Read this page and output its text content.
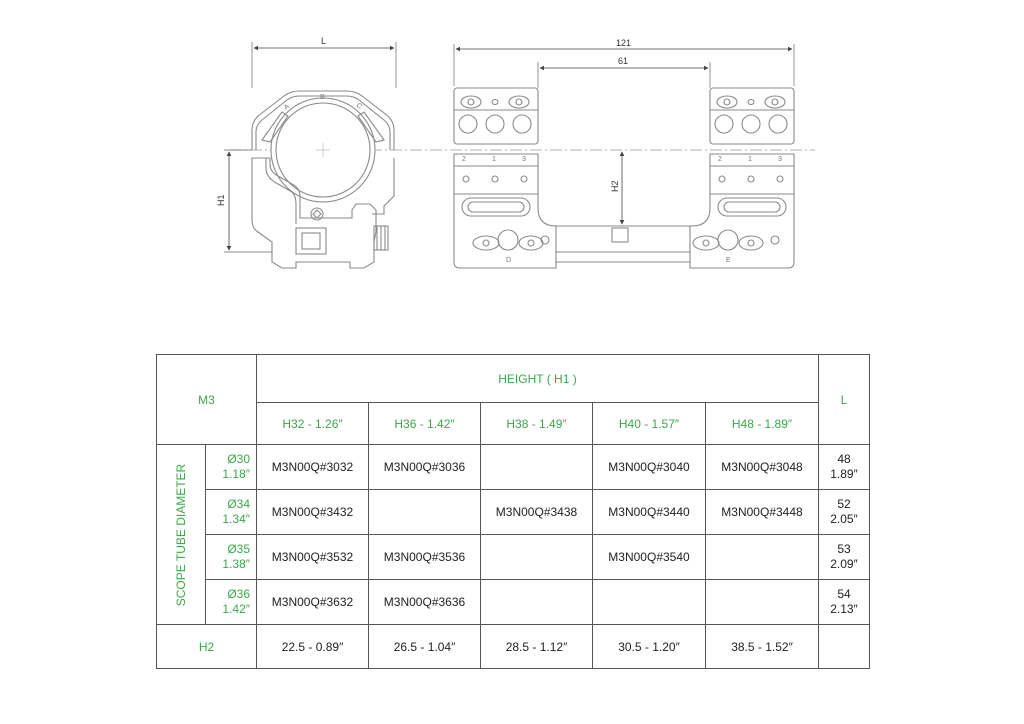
A
B
C
L
H1
2	1	3	2	1	3
D	E
121
61
H2
M3		HEIGHT ( H1 )					L
		H32 - 1.26″	H36 - 1.42″	H38 - 1.49″	H40 - 1.57″	H48 - 1.89″	

SCOPE TUBE DIAMETER	Ø30
1.18″	M3N00Q#3032	M3N00Q#3036		M3N00Q#3040	M3N00Q#3048	48
1.89″

	Ø34
1.34″	M3N00Q#3432		M3N00Q#3438	M3N00Q#3440	M3N00Q#3448	52
2.05″

	Ø35
1.38″	M3N00Q#3532	M3N00Q#3536		M3N00Q#3540		53
2.09″

	Ø36
1.42″	M3N00Q#3632	M3N00Q#3636				54
2.13″

H2		22.5 - 0.89″	26.5 - 1.04″	28.5 - 1.12″	30.5 - 1.20″	38.5 - 1.52″	
